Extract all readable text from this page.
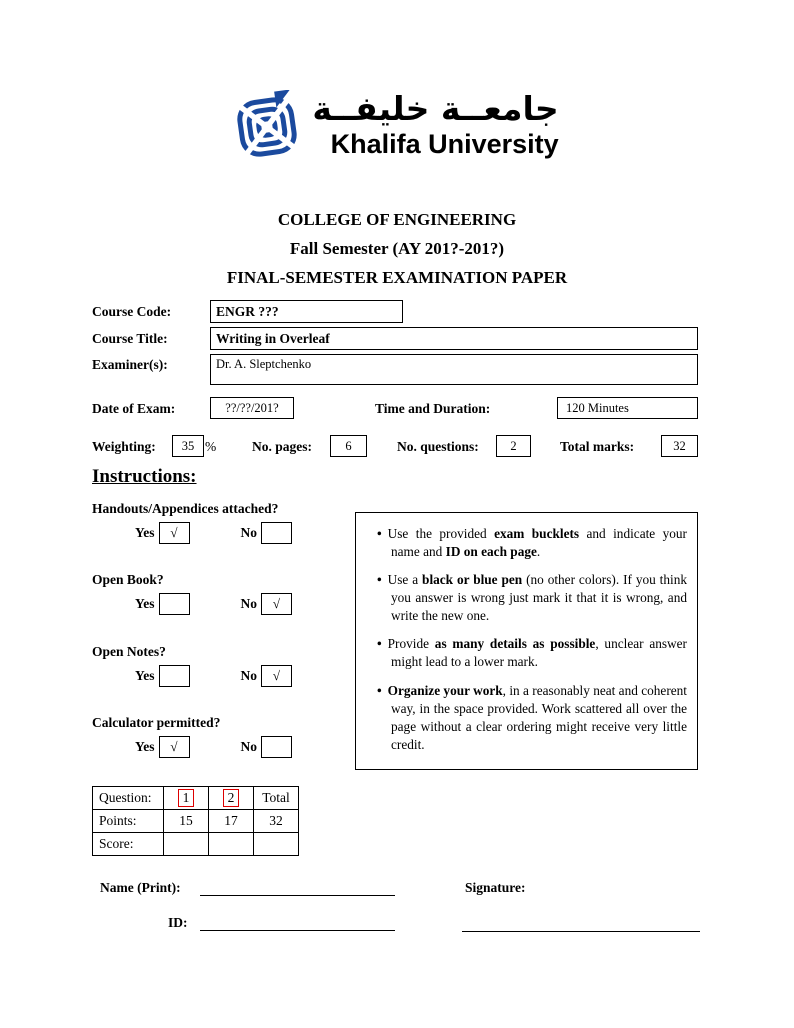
جامعــة خليفــة
Khalifa University
COLLEGE OF ENGINEERING
Fall Semester (AY 201?-201?)
FINAL-SEMESTER EXAMINATION PAPER
Course Code:	ENGR ???
Course Title:	Writing in Overleaf
Examiner(s):	Dr. A. Sleptchenko
Date of Exam:	??/??/201?	Time and Duration:	120 Minutes
Weighting: 35 %	No. pages:	6	No. questions:	2	Total marks:	32
Instructions:
Handouts/Appendices attached?
Yes	√	No
Open Book?
Yes	No	√
Open Notes?
Yes	No	√
Calculator permitted?
Yes	√	No
• Use the provided exam bucklets and indicate your name and ID on each page.
• Use a black or blue pen (no other colors). If you think you answer is wrong just mark it that it is wrong, and write the new one.
• Provide as many details as possible, unclear answer might lead to a lower mark.
• Organize your work, in a reasonably neat and coherent way, in the space provided. Work scattered all over the page without a clear ordering might receive very little credit.
Question:	1	2	Total
Points:	15	17	32
Score:			
Name (Print):	Signature:
ID:
